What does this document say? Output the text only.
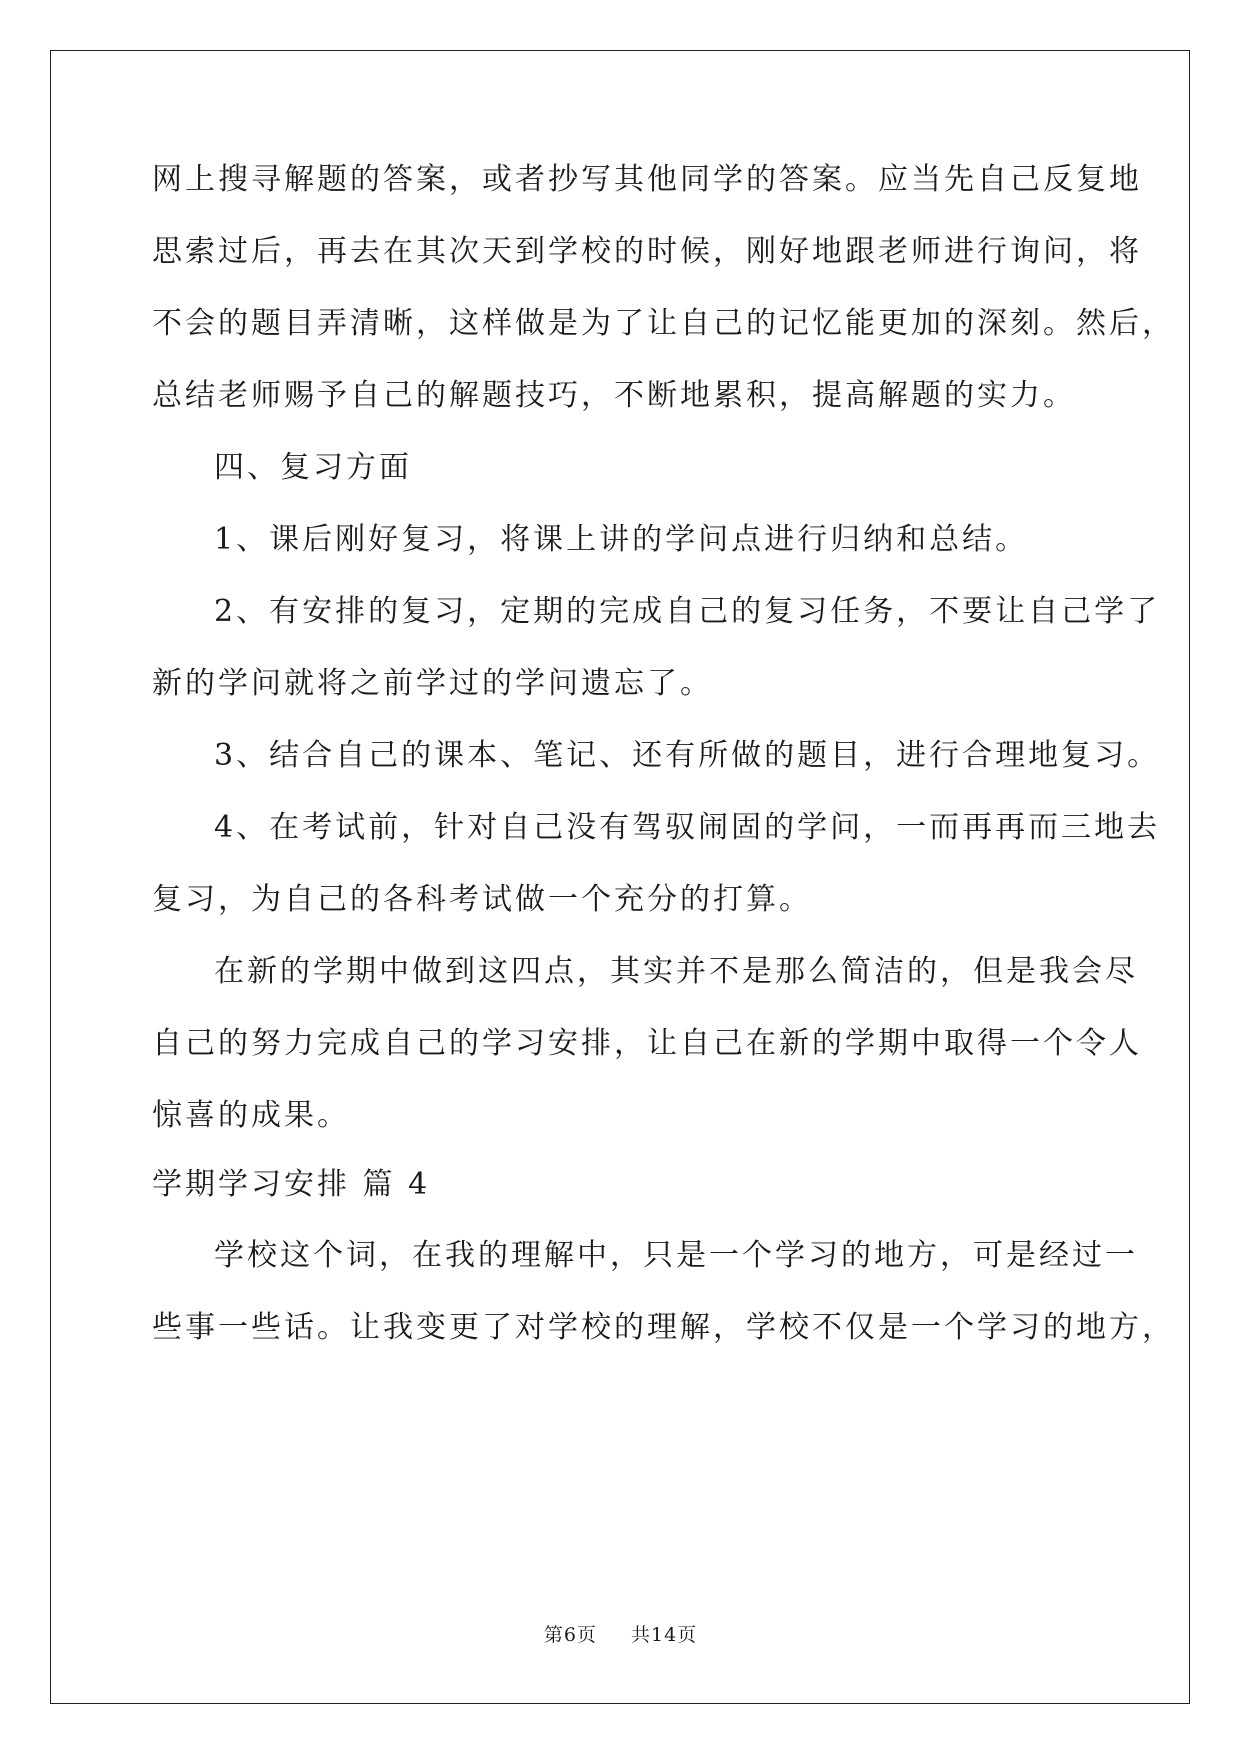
网上搜寻解题的答案，或者抄写其他同学的答案。应当先自己反复地
思索过后，再去在其次天到学校的时候，刚好地跟老师进行询问，将
不会的题目弄清晰，这样做是为了让自己的记忆能更加的深刻。然后，
总结老师赐予自己的解题技巧，不断地累积，提高解题的实力。
四、复习方面
1、课后刚好复习，将课上讲的学问点进行归纳和总结。
2、有安排的复习，定期的完成自己的复习任务，不要让自己学了
新的学问就将之前学过的学问遗忘了。
3、结合自己的课本、笔记、还有所做的题目，进行合理地复习。
4、在考试前，针对自己没有驾驭闹固的学问，一而再再而三地去
复习，为自己的各科考试做一个充分的打算。
在新的学期中做到这四点，其实并不是那么简洁的，但是我会尽
自己的努力完成自己的学习安排，让自己在新的学期中取得一个令人
惊喜的成果。
学期学习安排 篇 4
学校这个词，在我的理解中，只是一个学习的地方，可是经过一
些事一些话。让我变更了对学校的理解，学校不仅是一个学习的地方，
第6页 共14页
